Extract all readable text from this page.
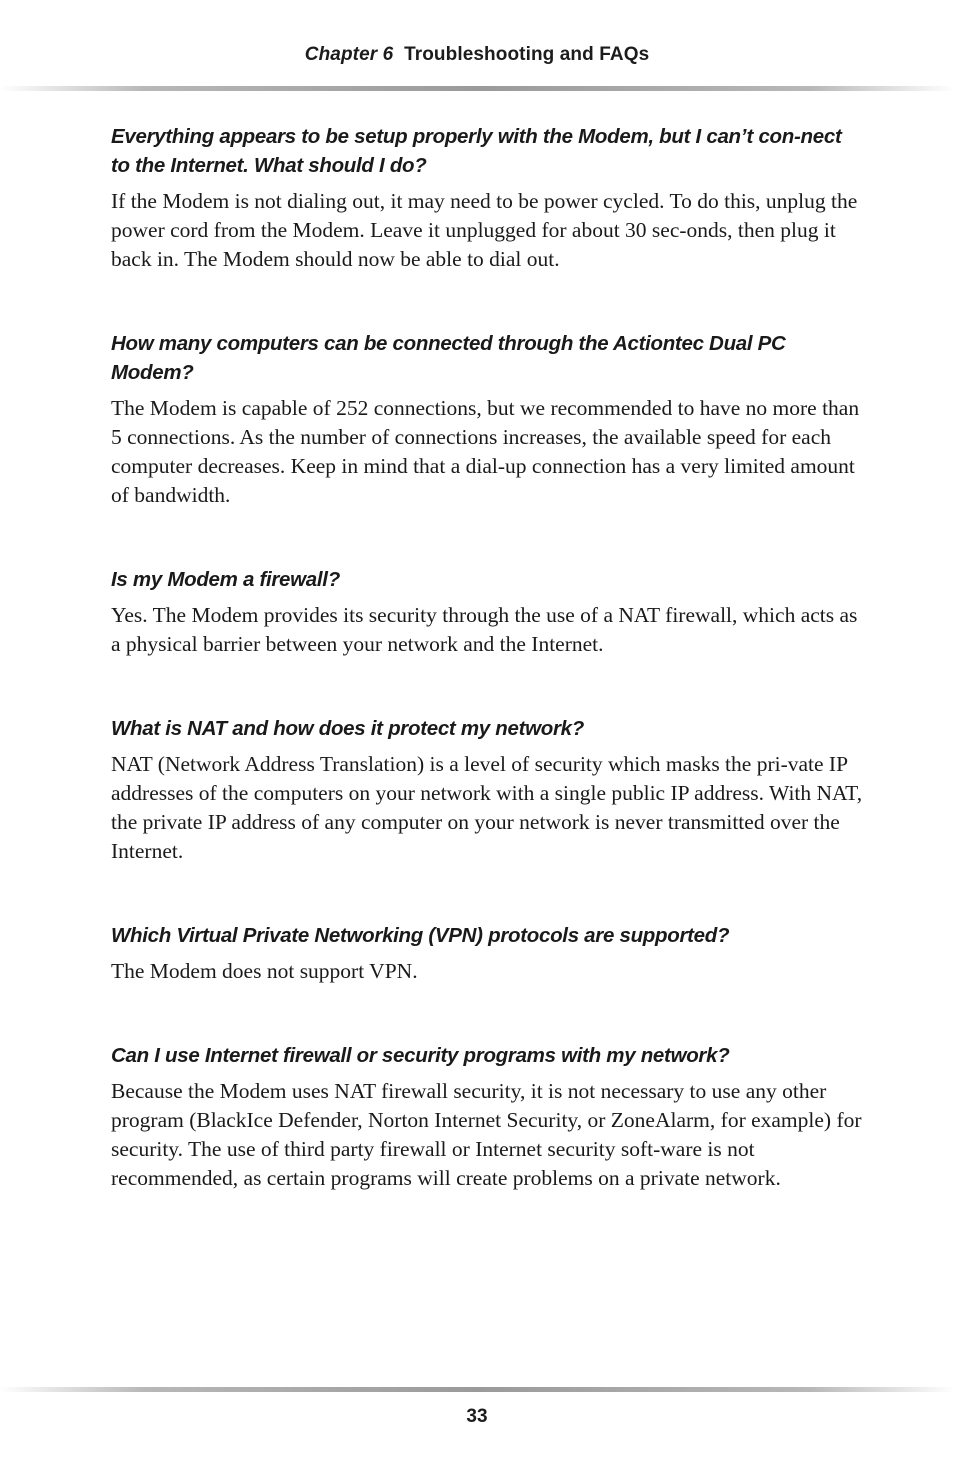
Chapter 6 Troubleshooting and FAQs

Everything appears to be setup properly with the Modem, but I can’t con-nect to the Internet. What should I do?

If the Modem is not dialing out, it may need to be power cycled. To do this, unplug the power cord from the Modem. Leave it unplugged for about 30 sec-onds, then plug it back in. The Modem should now be able to dial out.

How many computers can be connected through the Actiontec Dual PC Modem?

The Modem is capable of 252 connections, but we recommended to have no more than 5 connections. As the number of connections increases, the available speed for each computer decreases. Keep in mind that a dial-up connection has a very limited amount of bandwidth.

Is my Modem a firewall?

Yes. The Modem provides its security through the use of a NAT firewall, which acts as a physical barrier between your network and the Internet.

What is NAT and how does it protect my network?

NAT (Network Address Translation) is a level of security which masks the pri-vate IP addresses of the computers on your network with a single public IP address. With NAT, the private IP address of any computer on your network is never transmitted over the Internet.

Which Virtual Private Networking (VPN) protocols are supported?

The Modem does not support VPN.

Can I use Internet firewall or security programs with my network?

Because the Modem uses NAT firewall security, it is not necessary to use any other program (BlackIce Defender, Norton Internet Security, or ZoneAlarm, for example) for security. The use of third party firewall or Internet security soft-ware is not recommended, as certain programs will create problems on a private network.

33
